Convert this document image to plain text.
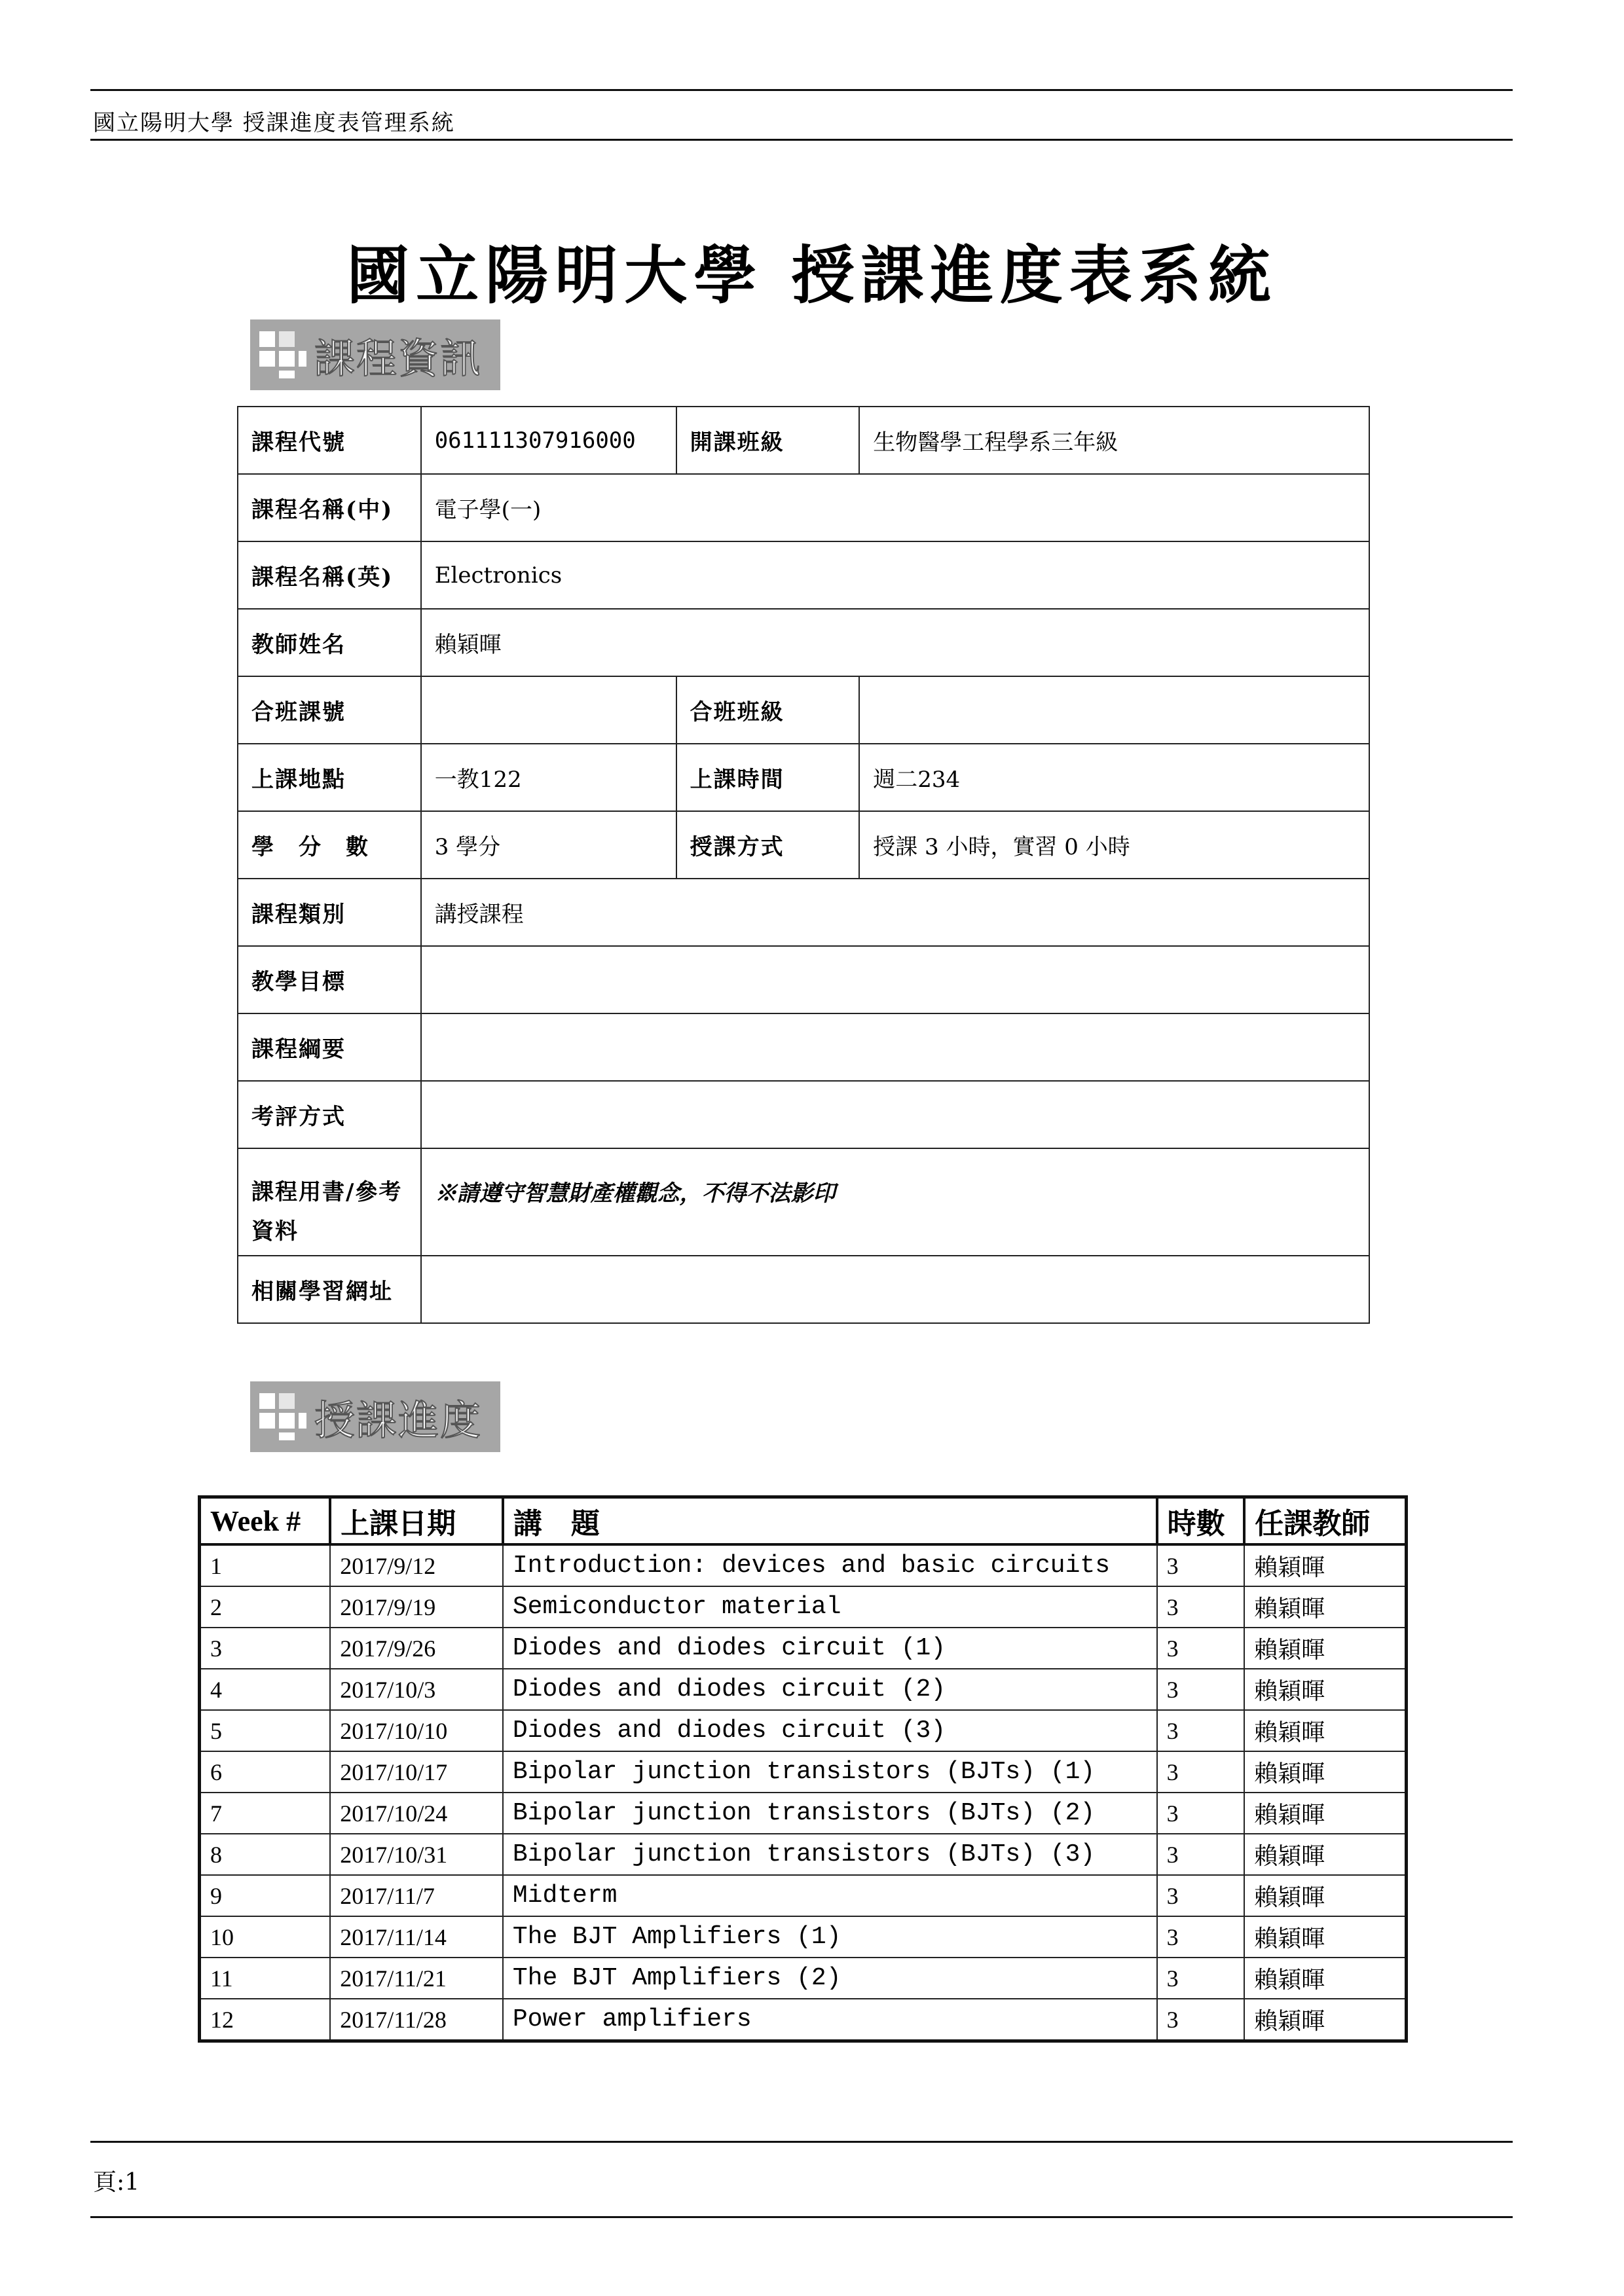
國立陽明大學 授課進度表管理系統
國立陽明大學 授課進度表系統
課程資訊
課程代號	061111307916000	開課班級	生物醫學工程學系三年級
課程名稱(中)	電子學(一)		
課程名稱(英)	Electronics		
教師姓名	賴穎暉		
合班課號		合班班級	
上課地點	一教122	上課時間	週二234
學　分　數	3 學分	授課方式	授課 3 小時，實習 0 小時
課程類別	講授課程		
教學目標			
課程綱要			
考評方式			
課程用書/參考資料	※請遵守智慧財產權觀念，不得不法影印		
相關學習網址			
授課進度
Week #	上課日期	講　題	時數	任課教師
1	2017/9/12	Introduction: devices and basic circuits	3	賴穎暉
2	2017/9/19	Semiconductor material	3	賴穎暉
3	2017/9/26	Diodes and diodes circuit (1)	3	賴穎暉
4	2017/10/3	Diodes and diodes circuit (2)	3	賴穎暉
5	2017/10/10	Diodes and diodes circuit (3)	3	賴穎暉
6	2017/10/17	Bipolar junction transistors (BJTs) (1)	3	賴穎暉
7	2017/10/24	Bipolar junction transistors (BJTs) (2)	3	賴穎暉
8	2017/10/31	Bipolar junction transistors (BJTs) (3)	3	賴穎暉
9	2017/11/7	Midterm	3	賴穎暉
10	2017/11/14	The BJT Amplifiers (1)	3	賴穎暉
11	2017/11/21	The BJT Amplifiers (2)	3	賴穎暉
12	2017/11/28	Power amplifiers	3	賴穎暉
頁:1
